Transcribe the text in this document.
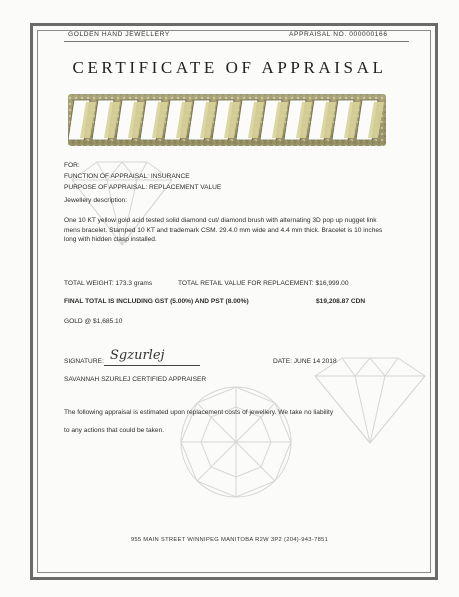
GOLDEN HAND JEWELLERY	APPRAISAL NO. 000000166
CERTIFICATE OF APPRAISAL
FOR:
FUNCTION OF APPRAISAL: INSURANCE
PURPOSE OF APPRAISAL: REPLACEMENT VALUE
Jewellery description:
One 10 KT yellow gold acid tested solid diamond cut/ diamond brush with alternating 3D pop up nugget link mens bracelet. Stamped 10 KT and trademark CSM. 29.4.0 mm wide and 4.4 mm thick. Bracelet is 10 inches long with hidden clasp installed.
TOTAL WEIGHT: 173.3 grams	TOTAL RETAIL VALUE FOR REPLACEMENT: $16,999.00
FINAL TOTAL IS INCLUDING GST (5.00%) AND PST (8.00%)	$19,208.87 CDN
GOLD @ $1,685.10
SIGNATURE: Sgzurlej
SAVANNAH SZURLEJ CERTIFIED APPRAISER
DATE: JUNE 14 2018
The following appraisal is estimated upon replacement costs of jewellery. We take no liability
to any actions that could be taken.
955 MAIN STREET WINNIPEG MANITOBA R2W 3P2 (204)-943-7851
